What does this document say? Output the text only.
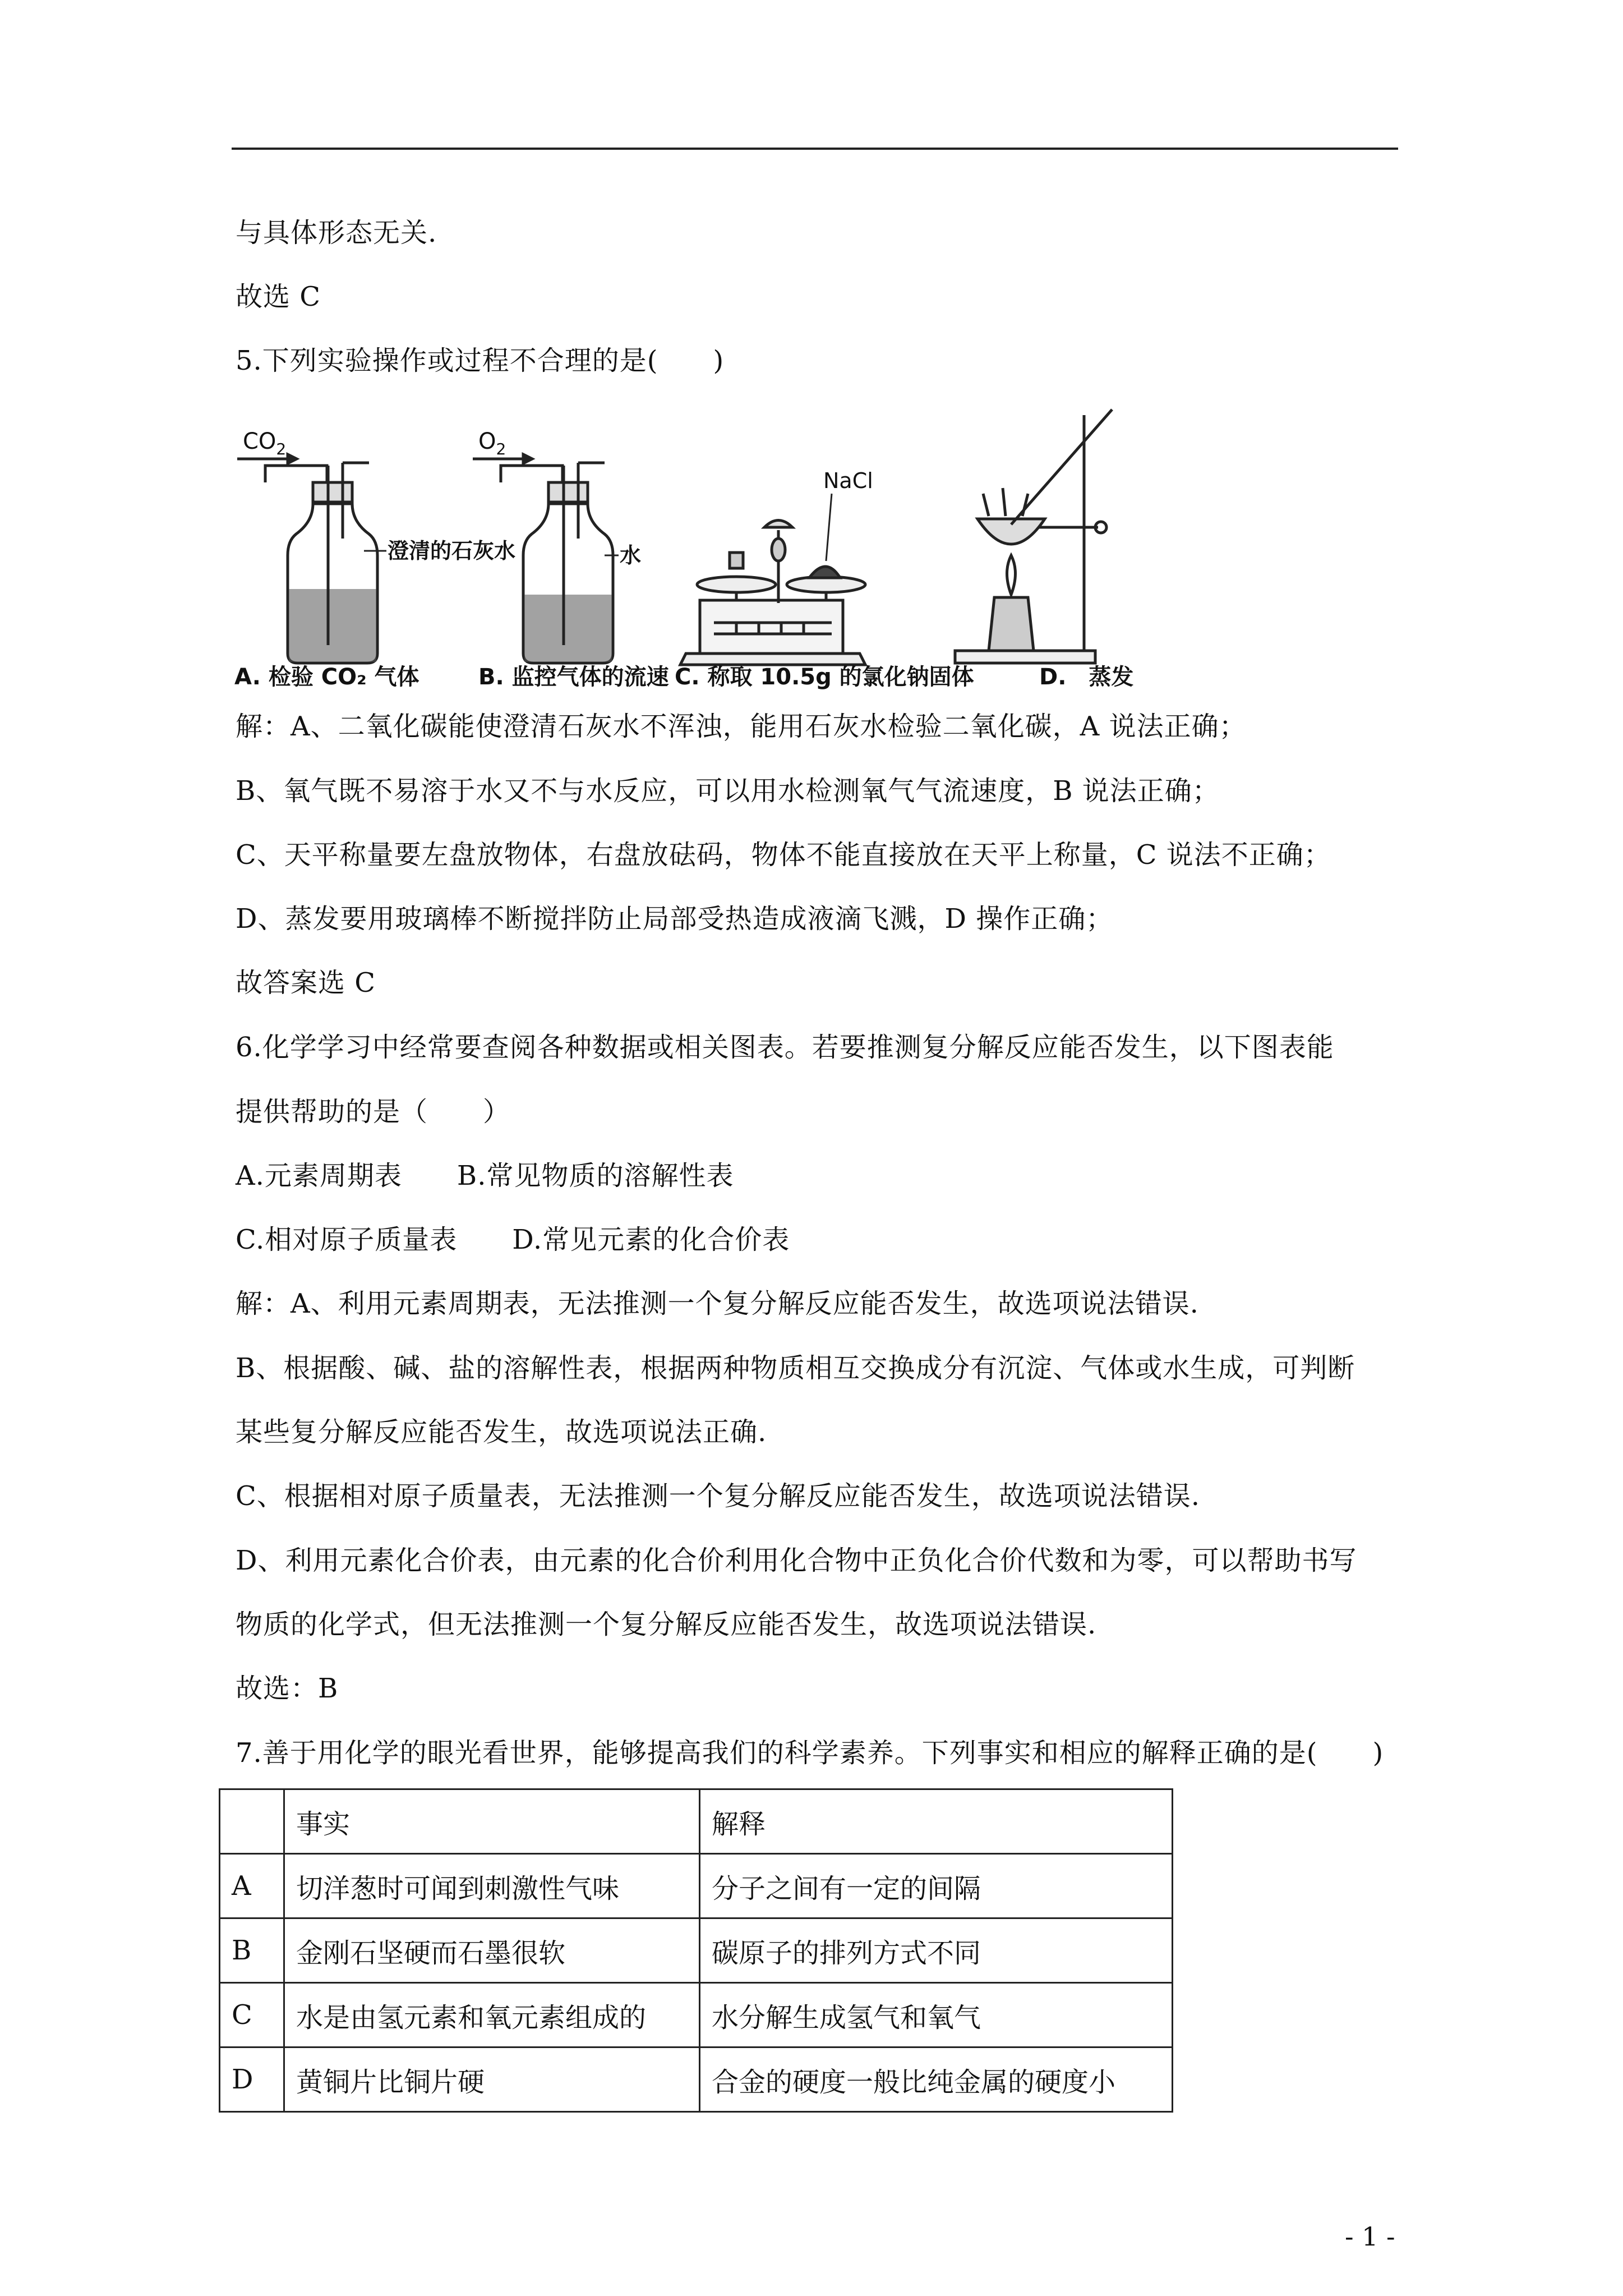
与具体形态无关.
故选 C
5.下列实验操作或过程不合理的是(　　)
$CO_2$
澄清的石灰水
$O_2$
水
NaCl
A. 检验 CO₂ 气体	B. 监控气体的流速 C. 称取 10.5g 的氯化钠固体	D.　蒸发
解：A、二氧化碳能使澄清石灰水不浑浊，能用石灰水检验二氧化碳，A 说法正确；
B、氧气既不易溶于水又不与水反应，可以用水检测氧气气流速度，B 说法正确；
C、天平称量要左盘放物体，右盘放砝码，物体不能直接放在天平上称量，C 说法不正确；
D、蒸发要用玻璃棒不断搅拌防止局部受热造成液滴飞溅，D 操作正确；
故答案选 C
6.化学学习中经常要查阅各种数据或相关图表。若要推测复分解反应能否发生，以下图表能
提供帮助的是（　　）
A.元素周期表　　B.常见物质的溶解性表
C.相对原子质量表　　D.常见元素的化合价表
解：A、利用元素周期表，无法推测一个复分解反应能否发生，故选项说法错误.
B、根据酸、碱、盐的溶解性表，根据两种物质相互交换成分有沉淀、气体或水生成，可判断
某些复分解反应能否发生，故选项说法正确.
C、根据相对原子质量表，无法推测一个复分解反应能否发生，故选项说法错误.
D、利用元素化合价表，由元素的化合价利用化合物中正负化合价代数和为零，可以帮助书写
物质的化学式，但无法推测一个复分解反应能否发生，故选项说法错误.
故选：B
7.善于用化学的眼光看世界，能够提高我们的科学素养。下列事实和相应的解释正确的是(　　)
	事实	解释
A	切洋葱时可闻到刺激性气味	分子之间有一定的间隔
B	金刚石坚硬而石墨很软	碳原子的排列方式不同
C	水是由氢元素和氧元素组成的	水分解生成氢气和氧气
D	黄铜片比铜片硬	合金的硬度一般比纯金属的硬度小
- 1 -
